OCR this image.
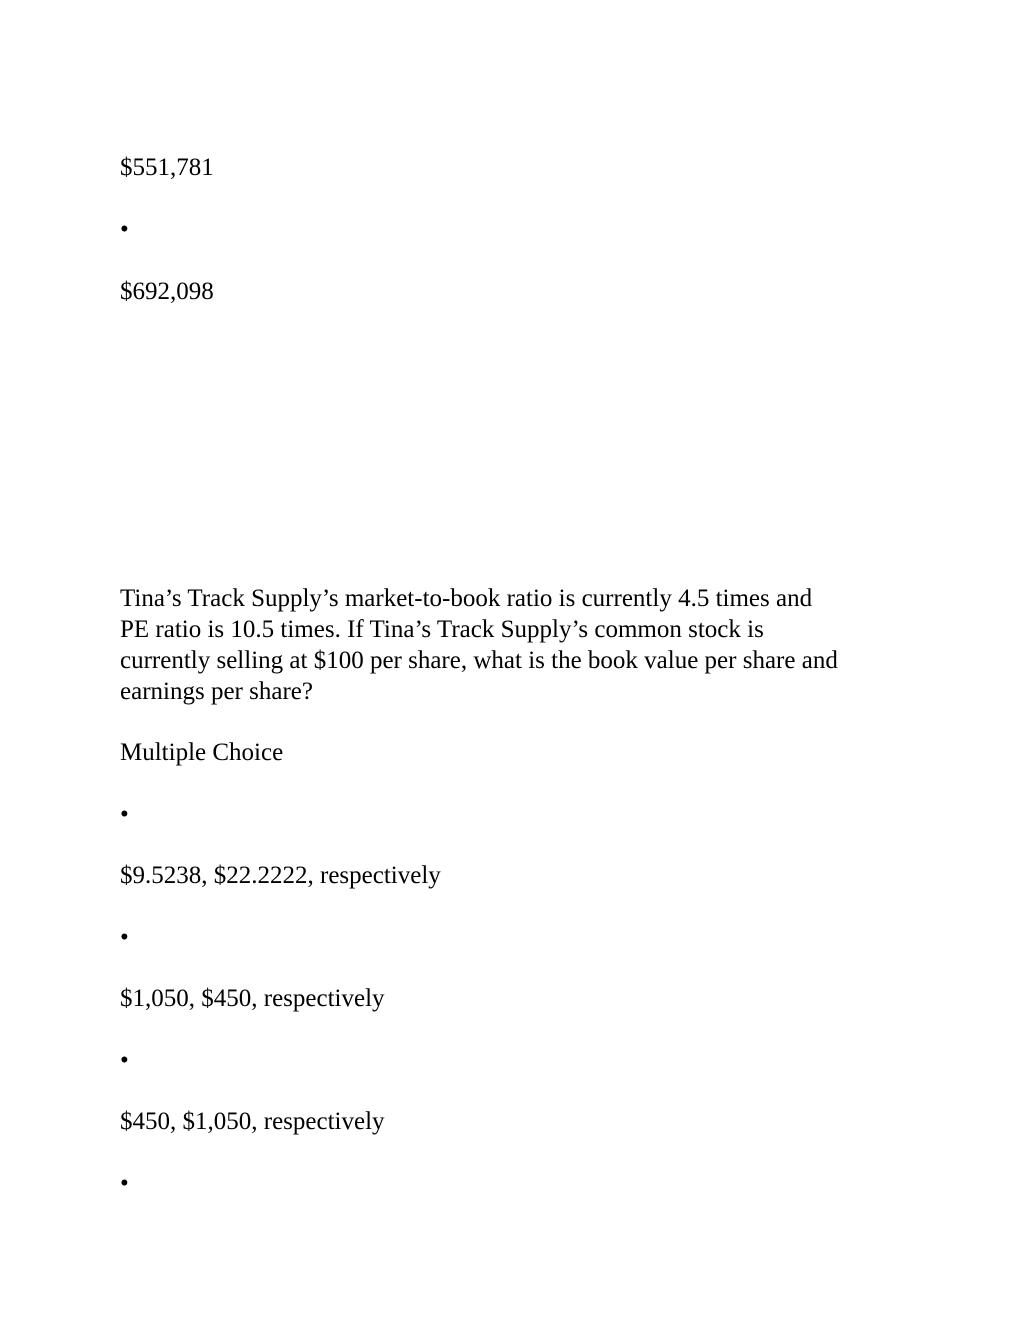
$551,781

•

$692,098

Tina’s Track Supply’s market-to-book ratio is currently 4.5 times and
PE ratio is 10.5 times. If Tina’s Track Supply’s common stock is
currently selling at $100 per share, what is the book value per share and
earnings per share?

Multiple Choice

•

$9.5238, $22.2222, respectively

•

$1,050, $450, respectively

•

$450, $1,050, respectively

•
